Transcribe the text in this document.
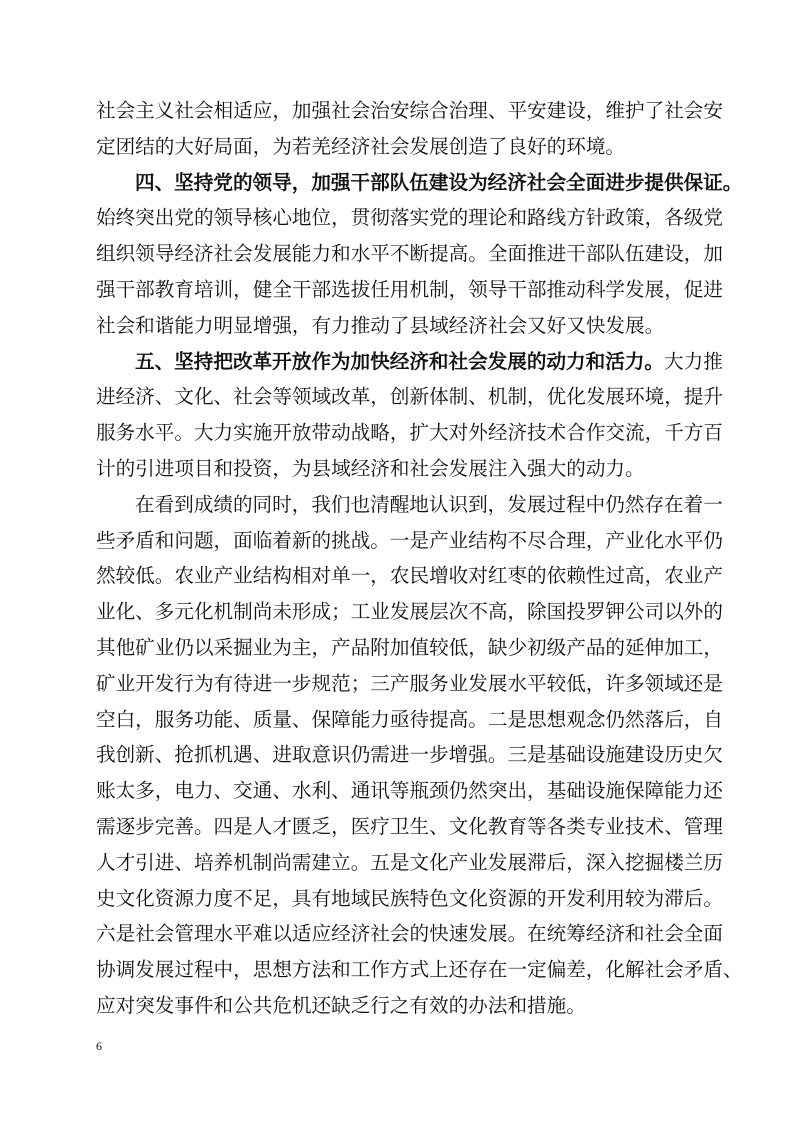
社会主义社会相适应，加强社会治安综合治理、平安建设，维护了社会安
定团结的大好局面，为若羌经济社会发展创造了良好的环境。
四、坚持党的领导，加强干部队伍建设为经济社会全面进步提供保证。
始终突出党的领导核心地位，贯彻落实党的理论和路线方针政策，各级党
组织领导经济社会发展能力和水平不断提高。全面推进干部队伍建设，加
强干部教育培训，健全干部选拔任用机制，领导干部推动科学发展，促进
社会和谐能力明显增强，有力推动了县域经济社会又好又快发展。
五、坚持把改革开放作为加快经济和社会发展的动力和活力。大力推
进经济、文化、社会等领域改革，创新体制、机制，优化发展环境，提升
服务水平。大力实施开放带动战略，扩大对外经济技术合作交流，千方百
计的引进项目和投资，为县域经济和社会发展注入强大的动力。
在看到成绩的同时，我们也清醒地认识到，发展过程中仍然存在着一
些矛盾和问题，面临着新的挑战。一是产业结构不尽合理，产业化水平仍
然较低。农业产业结构相对单一，农民增收对红枣的依赖性过高，农业产
业化、多元化机制尚未形成；工业发展层次不高，除国投罗钾公司以外的
其他矿业仍以采掘业为主，产品附加值较低，缺少初级产品的延伸加工，
矿业开发行为有待进一步规范；三产服务业发展水平较低，许多领域还是
空白，服务功能、质量、保障能力亟待提高。二是思想观念仍然落后，自
我创新、抢抓机遇、进取意识仍需进一步增强。三是基础设施建设历史欠
账太多，电力、交通、水利、通讯等瓶颈仍然突出，基础设施保障能力还
需逐步完善。四是人才匮乏，医疗卫生、文化教育等各类专业技术、管理
人才引进、培养机制尚需建立。五是文化产业发展滞后，深入挖掘楼兰历
史文化资源力度不足，具有地域民族特色文化资源的开发利用较为滞后。
六是社会管理水平难以适应经济社会的快速发展。在统筹经济和社会全面
协调发展过程中，思想方法和工作方式上还存在一定偏差，化解社会矛盾、
应对突发事件和公共危机还缺乏行之有效的办法和措施。
6
